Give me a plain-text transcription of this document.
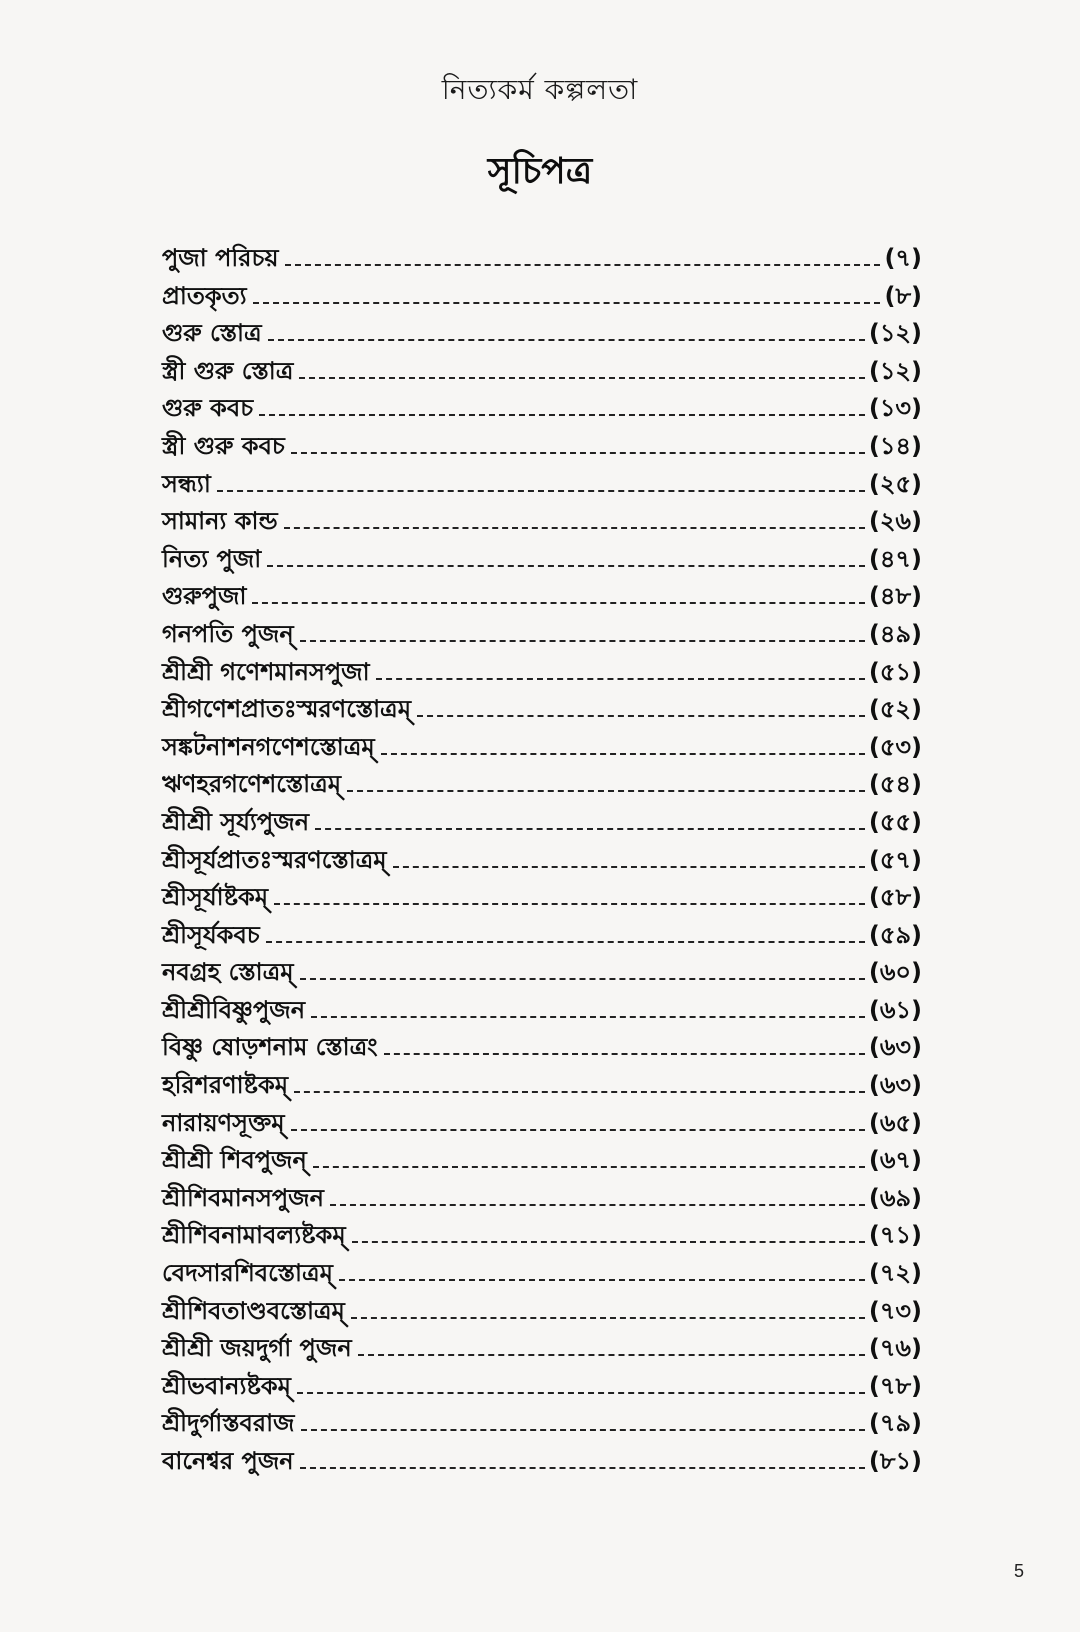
নিত্যকর্ম কল্পলতা
সূচিপত্র
পুজা পরিচয়	(৭)
প্রাতকৃত্য	(৮)
গুরু স্তোত্র	(১২)
স্ত্রী গুরু স্তোত্র	(১২)
গুরু কবচ	(১৩)
স্ত্রী গুরু কবচ	(১৪)
সন্ধ্যা	(২৫)
সামান্য কান্ড	(২৬)
নিত্য পুজা	(৪৭)
গুরুপুজা	(৪৮)
গনপতি পুজন্	(৪৯)
শ্রীশ্রী গণেশমানসপুজা	(৫১)
শ্রীগণেশপ্রাতঃস্মরণস্তোত্রম্	(৫২)
সঙ্কটনাশনগণেশস্তোত্রম্	(৫৩)
ঋণহরগণেশস্তোত্রম্	(৫৪)
শ্রীশ্রী সূর্য্যপুজন	(৫৫)
শ্রীসূর্যপ্রাতঃস্মরণস্তোত্রম্	(৫৭)
শ্রীসূর্যাষ্টকম্	(৫৮)
শ্রীসূর্যকবচ	(৫৯)
নবগ্রহ স্তোত্রম্	(৬০)
শ্রীশ্রীবিষ্ণুপুজন	(৬১)
বিষ্ণু ষোড়শনাম স্তোত্রং	(৬৩)
হরিশরণাষ্টকম্	(৬৩)
নারায়ণসূক্তম্	(৬৫)
শ্রীশ্রী শিবপুজন্	(৬৭)
শ্রীশিবমানসপুজন	(৬৯)
শ্রীশিবনামাবল্যষ্টকম্	(৭১)
বেদসারশিবস্তোত্রম্	(৭২)
শ্রীশিবতাণ্ডবস্তোত্রম্	(৭৩)
শ্রীশ্রী জয়দুর্গা পুজন	(৭৬)
শ্রীভবান্যষ্টকম্	(৭৮)
শ্রীদুর্গাস্তবরাজ	(৭৯)
বানেশ্বর পুজন	(৮১)
5
